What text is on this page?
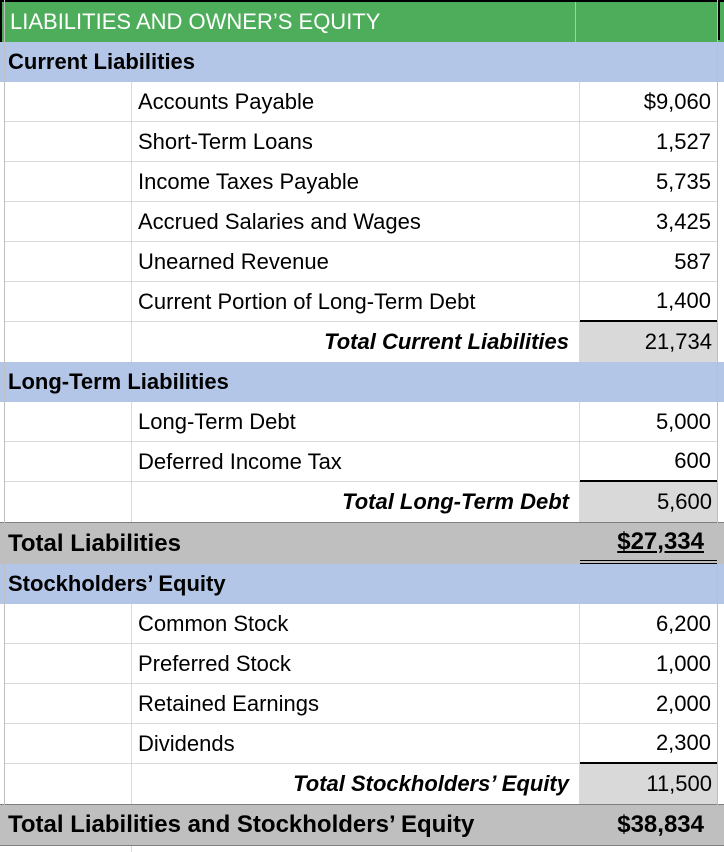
LIABILITIES AND OWNER’S EQUITY
Current Liabilities
Accounts Payable	$9,060
Short-Term Loans	1,527
Income Taxes Payable	5,735
Accrued Salaries and Wages	3,425
Unearned Revenue	587
Current Portion of Long-Term Debt	1,400
Total Current Liabilities	21,734
Long-Term Liabilities
Long-Term Debt	5,000
Deferred Income Tax	600
Total Long-Term Debt	5,600
Total Liabilities	$27,334
Stockholders’ Equity
Common Stock	6,200
Preferred Stock	1,000
Retained Earnings	2,000
Dividends	2,300
Total Stockholders’ Equity	11,500
Total Liabilities and Stockholders’ Equity	$38,834
